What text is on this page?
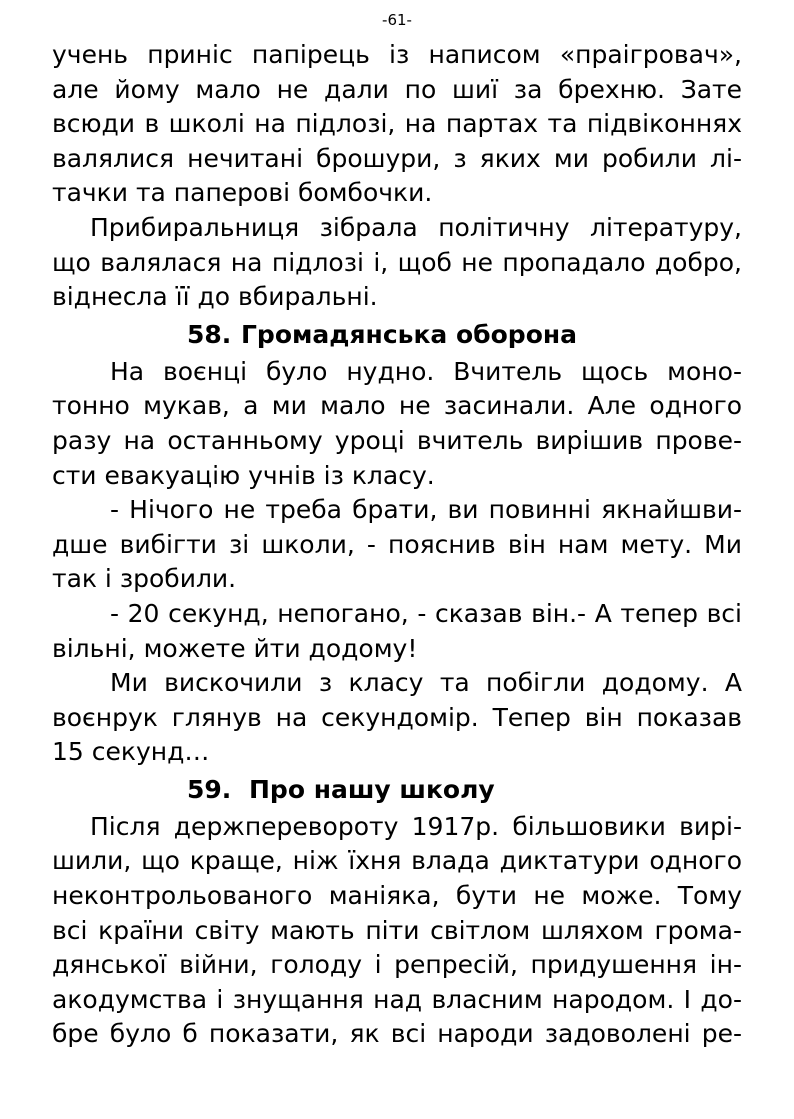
-61-
учень приніс папірець із написом «праігровач»,
але йому мало не дали по шиї за брехню. Зате
всюди в школі на підлозі, на партах та підвіконнях
валялися нечитані брошури, з яких ми робили лі-
тачки та паперові бомбочки.
Прибиральниця зібрала політичну літературу,
що валялася на підлозі і, щоб не пропадало добро,
віднесла її до вбиральні.
58. Громадянська оборона
На воєнці було нудно. Вчитель щось моно-
тонно мукав, а ми мало не засинали. Але одного
разу на останньому уроці вчитель вирішив прове-
сти евакуацію учнів із класу.
- Нічого не треба брати, ви повинні якнайшви-
дше вибігти зі школи, - пояснив він нам мету. Ми
так і зробили.
- 20 секунд, непогано, - сказав він.- А тепер всі
вільні, можете йти додому!
Ми вискочили з класу та побігли додому. А
воєнрук глянув на секундомір. Тепер він показав
15 секунд…
59. Про нашу школу
Після держперевороту 1917р. більшовики вирі-
шили, що краще, ніж їхня влада диктатури одного
неконтрольованого маніяка, бути не може. Тому
всі країни світу мають піти світлом шляхом грома-
дянської війни, голоду і репресій, придушення ін-
акодумства і знущання над власним народом. І до-
бре було б показати, як всі народи задоволені ре-
